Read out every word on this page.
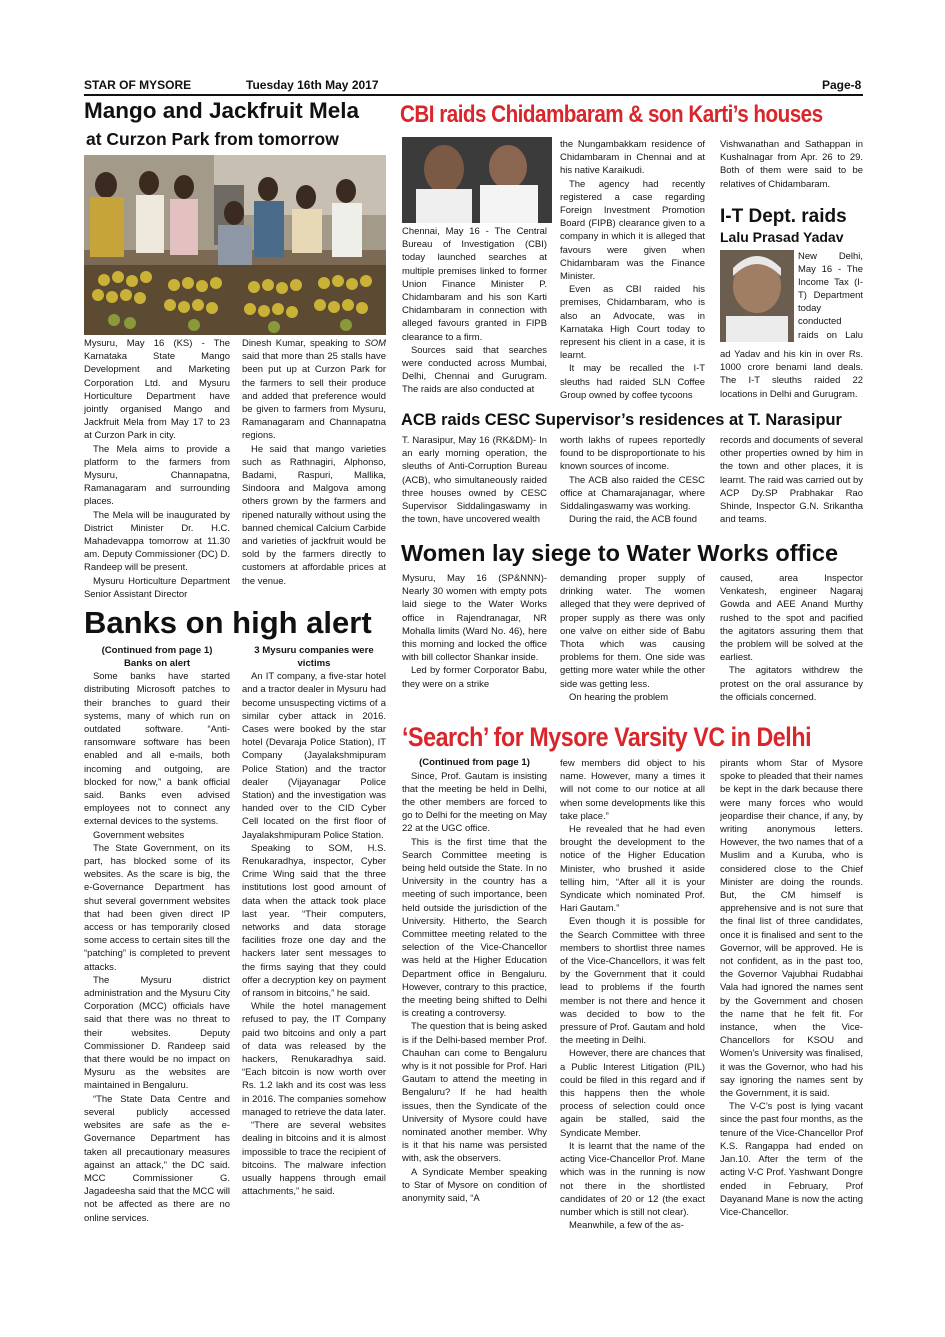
STAR OF MYSORE	Tuesday 16th May 2017	Page-8
Mango and Jackfruit Mela
at Curzon Park from tomorrow

Mysuru, May 16 (KS) - The Karnataka State Mango Development and Marketing Corporation Ltd. and Mysuru Horticulture Department have jointly organised Mango and Jackfruit Mela from May 17 to 23 at Curzon Park in city.

The Mela aims to provide a platform to the farmers from Mysuru, Channapatna, Ramanagaram and surrounding places.

The Mela will be inaugurated by District Minister Dr. H.C. Mahadevappa tomorrow at 11.30 am. Deputy Commissioner (DC) D. Randeep will be present.

Mysuru Horticulture Department Senior Assistant Director

Dinesh Kumar, speaking to SOM said that more than 25 stalls have been put up at Curzon Park for the farmers to sell their produce and added that preference would be given to farmers from Mysuru, Ramanagaram and Channapatna regions.

He said that mango varieties such as Rathnagiri, Alphonso, Badami, Raspuri, Mallika, Sindoora and Malgova among others grown by the farmers and ripened naturally without using the banned chemical Calcium Carbide and varieties of jackfruit would be sold by the farmers directly to customers at affordable prices at the venue.

CBI raids Chidambaram & son Karti’s houses

Chennai, May 16 - The Central Bureau of Investigation (CBI) today launched searches at multiple premises linked to former Union Finance Minister P. Chidambaram and his son Karti Chidambaram in connection with alleged favours granted in FIPB clearance to a firm.

Sources said that searches were conducted across Mumbai, Delhi, Chennai and Gurugram. The raids are also conducted at

the Nungambakkam residence of Chidambaram in Chennai and at his native Karaikudi.

The agency had recently registered a case regarding Foreign Investment Promotion Board (FIPB) clearance given to a company in which it is alleged that favours were given when Chidambaram was the Finance Minister.

Even as CBI raided his premises, Chidambaram, who is also an Advocate, was in Karnataka High Court today to represent his client in a case, it is learnt.

It may be recalled the I-T sleuths had raided SLN Coffee Group owned by coffee tycoons

Vishwanathan and Sathappan in Kushalnagar from Apr. 26 to 29. Both of them were said to be relatives of Chidambaram.

I-T Dept. raids
Lalu Prasad Yadav

New Delhi, May 16 - The Income Tax (I-T) Department today conducted raids on Lalu

ad Yadav and his kin in over Rs. 1000 crore benami land deals. The I-T sleuths raided 22 locations in Delhi and Gurugram.

ACB raids CESC Supervisor’s residences at T. Narasipur

T. Narasipur, May 16 (RK&DM)- In an early morning operation, the sleuths of Anti-Corruption Bureau (ACB), who simultaneously raided three houses owned by CESC Supervisor Siddalingaswamy in the town, have uncovered wealth

worth lakhs of rupees reportedly found to be disproportionate to his known sources of income.

The ACB also raided the CESC office at Chamarajanagar, where Siddalingaswamy was working.

During the raid, the ACB found

records and documents of several other properties owned by him in the town and other places, it is learnt. The raid was carried out by ACP Dy.SP Prabhakar Rao Shinde, Inspector G.N. Srikantha and teams.

Women lay siege to Water Works office

Mysuru, May 16 (SP&NNN)- Nearly 30 women with empty pots laid siege to the Water Works office in Rajendranagar, NR Mohalla limits (Ward No. 46), here this morning and locked the office with bill collector Shankar inside.

Led by former Corporator Babu, they were on a strike

demanding proper supply of drinking water. The women alleged that they were deprived of proper supply as there was only one valve on either side of Babu Thota which was causing problems for them. One side was getting more water while the other side was getting less.

On hearing the problem

caused, area Inspector Venkatesh, engineer Nagaraj Gowda and AEE Anand Murthy rushed to the spot and pacified the agitators assuring them that the problem will be solved at the earliest.

The agitators withdrew the protest on the oral assurance by the officials concerned.

Banks on high alert

(Continued from page 1)

Banks on alert

Some banks have started distributing Microsoft patches to their branches to guard their systems, many of which run on outdated software. “Anti-ransomware software has been enabled and all e-mails, both incoming and outgoing, are blocked for now,” a bank official said. Banks even advised employees not to connect any external devices to the systems.

Government websites

The State Government, on its part, has blocked some of its websites. As the scare is big, the e-Governance Department has shut several government websites that had been given direct IP access or has temporarily closed some access to certain sites till the “patching” is completed to prevent attacks.

The Mysuru district administration and the Mysuru City Corporation (MCC) officials have said that there was no threat to their websites. Deputy Commissioner D. Randeep said that there would be no impact on Mysuru as the websites are maintained in Bengaluru.

“The State Data Centre and several publicly accessed websites are safe as the e-Governance Department has taken all precautionary measures against an attack,” the DC said. MCC Commissioner G. Jagadeesha said that the MCC will not be affected as there are no online services.

3 Mysuru companies were victims

An IT company, a five-star hotel and a tractor dealer in Mysuru had become unsuspecting victims of a similar cyber attack in 2016. Cases were booked by the star hotel (Devaraja Police Station), IT Company (Jayalakshmipuram Police Station) and the tractor dealer (Vijayanagar Police Station) and the investigation was handed over to the CID Cyber Cell located on the first floor of Jayalakshmipuram Police Station.

Speaking to SOM, H.S. Renukaradhya, inspector, Cyber Crime Wing said that the three institutions lost good amount of data when the attack took place last year. “Their computers, networks and data storage facilities froze one day and the hackers later sent messages to the firms saying that they could offer a decryption key on payment of ransom in bitcoins,” he said.

While the hotel management refused to pay, the IT Company paid two bitcoins and only a part of data was released by the hackers, Renukaradhya said. “Each bitcoin is now worth over Rs. 1.2 lakh and its cost was less in 2016. The companies somehow managed to retrieve the data later.

“There are several websites dealing in bitcoins and it is almost impossible to trace the recipient of bitcoins. The malware infection usually happens through email attachments,” he said.

‘Search’ for Mysore Varsity VC in Delhi

(Continued from page 1)

Since, Prof. Gautam is insisting that the meeting be held in Delhi, the other members are forced to go to Delhi for the meeting on May 22 at the UGC office.

This is the first time that the Search Committee meeting is being held outside the State. In no University in the country has a meeting of such importance, been held outside the jurisdiction of the University. Hitherto, the Search Committee meeting related to the selection of the Vice-Chancellor was held at the Higher Education Department office in Bengaluru. However, contrary to this practice, the meeting being shifted to Delhi is creating a controversy.

The question that is being asked is if the Delhi-based member Prof. Chauhan can come to Bengaluru why is it not possible for Prof. Hari Gautam to attend the meeting in Bengaluru? If he had health issues, then the Syndicate of the University of Mysore could have nominated another member. Why is it that his name was persisted with, ask the observers.

A Syndicate Member speaking to Star of Mysore on condition of anonymity said, “A

few members did object to his name. However, many a times it will not come to our notice at all when some developments like this take place.”

He revealed that he had even brought the development to the notice of the Higher Education Minister, who brushed it aside telling him, “After all it is your Syndicate which nominated Prof. Hari Gautam.”

Even though it is possible for the Search Committee with three members to shortlist three names of the Vice-Chancellors, it was felt by the Government that it could lead to problems if the fourth member is not there and hence it was decided to bow to the pressure of Prof. Gautam and hold the meeting in Delhi.

However, there are chances that a Public Interest Litigation (PIL) could be filed in this regard and if this happens then the whole process of selection could once again be stalled, said the Syndicate Member.

It is learnt that the name of the acting Vice-Chancellor Prof. Mane which was in the running is now not there in the shortlisted candidates of 20 or 12 (the exact number which is still not clear).

Meanwhile, a few of the as-

pirants whom Star of Mysore spoke to pleaded that their names be kept in the dark because there were many forces who would jeopardise their chance, if any, by writing anonymous letters. However, the two names that of a Muslim and a Kuruba, who is considered close to the Chief Minister are doing the rounds. But, the CM himself is apprehensive and is not sure that the final list of three candidates, once it is finalised and sent to the Governor, will be approved. He is not confident, as in the past too, the Governor Vajubhai Rudabhai Vala had ignored the names sent by the Government and chosen the name that he felt fit. For instance, when the Vice-Chancellors for KSOU and Women’s University was finalised, it was the Governor, who had his say ignoring the names sent by the Government, it is said.

The V-C’s post is lying vacant since the past four months, as the tenure of the Vice-Chancellor Prof K.S. Rangappa had ended on Jan.10. After the term of the acting V-C Prof. Yashwant Dongre ended in February, Prof Dayanand Mane is now the acting Vice-Chancellor.
